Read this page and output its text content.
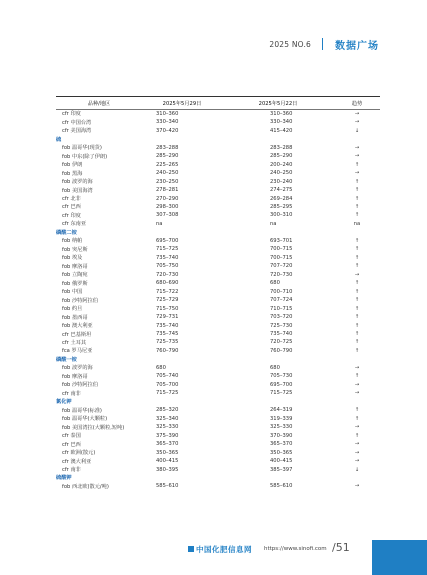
2025 NO.6 数据广场
品种/地区	2025年5月29日	2025年5月22日	趋势
cfr 印度	310–360	310–360	→
cfr 中国台湾	330–340	330–340	→
cfr 美国海湾	370–420	415–420	↓
硫
fob 温哥华(现货)	283–288	283–288	→
fob 中东(除了伊朗)	285–290	285–290	→
fob 伊朗	225–265	200–240	↑
fob 黑海	240–250	240–250	→
fob 波罗的海	230–250	230–240	↑
fob 美国海湾	278–281	274–275	↑
cfr 北非	270–290	269–284	↑
cfr 巴西	298–300	285–295	↑
cfr 印度	307–308	300–310	↑
cfr 东南亚	na	na	na
磷酸二铵
fob 纳帕	695–700	693–701	↑
fob 突尼斯	715–725	700–715	↑
fob 埃及	735–740	700–715	↑
fob 摩洛哥	705–750	707–720	↑
fob 立陶宛	720–730	720–730	→
fob 俄罗斯	680–690	680	↑
fob 中国	715–722	700–710	↑
fob 沙特阿拉伯	725–729	707–724	↑
fob 约旦	715–750	710–715	↑
fob 墨西哥	729–731	703–720	↑
fob 澳大利亚	735–740	725–730	↑
cfr 巴基斯坦	735–745	735–740	↑
cfr 土耳其	725–735	720–725	↑
fca 罗马尼亚	760–790	760–790	↑
磷酸一铵
fob 波罗的海	680	680	→
fob 摩洛哥	705–740	705–730	↑
fob 沙特阿拉伯	705–700	695–700	→
cfr 南非	715–725	715–725	→
氯化钾
fob 温哥华(标准)	285–320	264–319	↑
fob 温哥华(大颗粒)	325–340	319–339	↑
fob 美国湾拉(大颗粒,短吨)	325–330	325–330	→
cfr 泰国	375–390	370–390	↑
cfr 巴西	365–370	365–370	→
cfr 欧洲(散元)	350–365	350–365	→
cfr 澳大利亚	400–415	400–415	→
cfr 南非	380–395	385–397	↓
硫酸钾
fob 西北欧(散元/吨)	585–610	585–610	→
中国化肥信息网 https://www.sinofi.com /51
